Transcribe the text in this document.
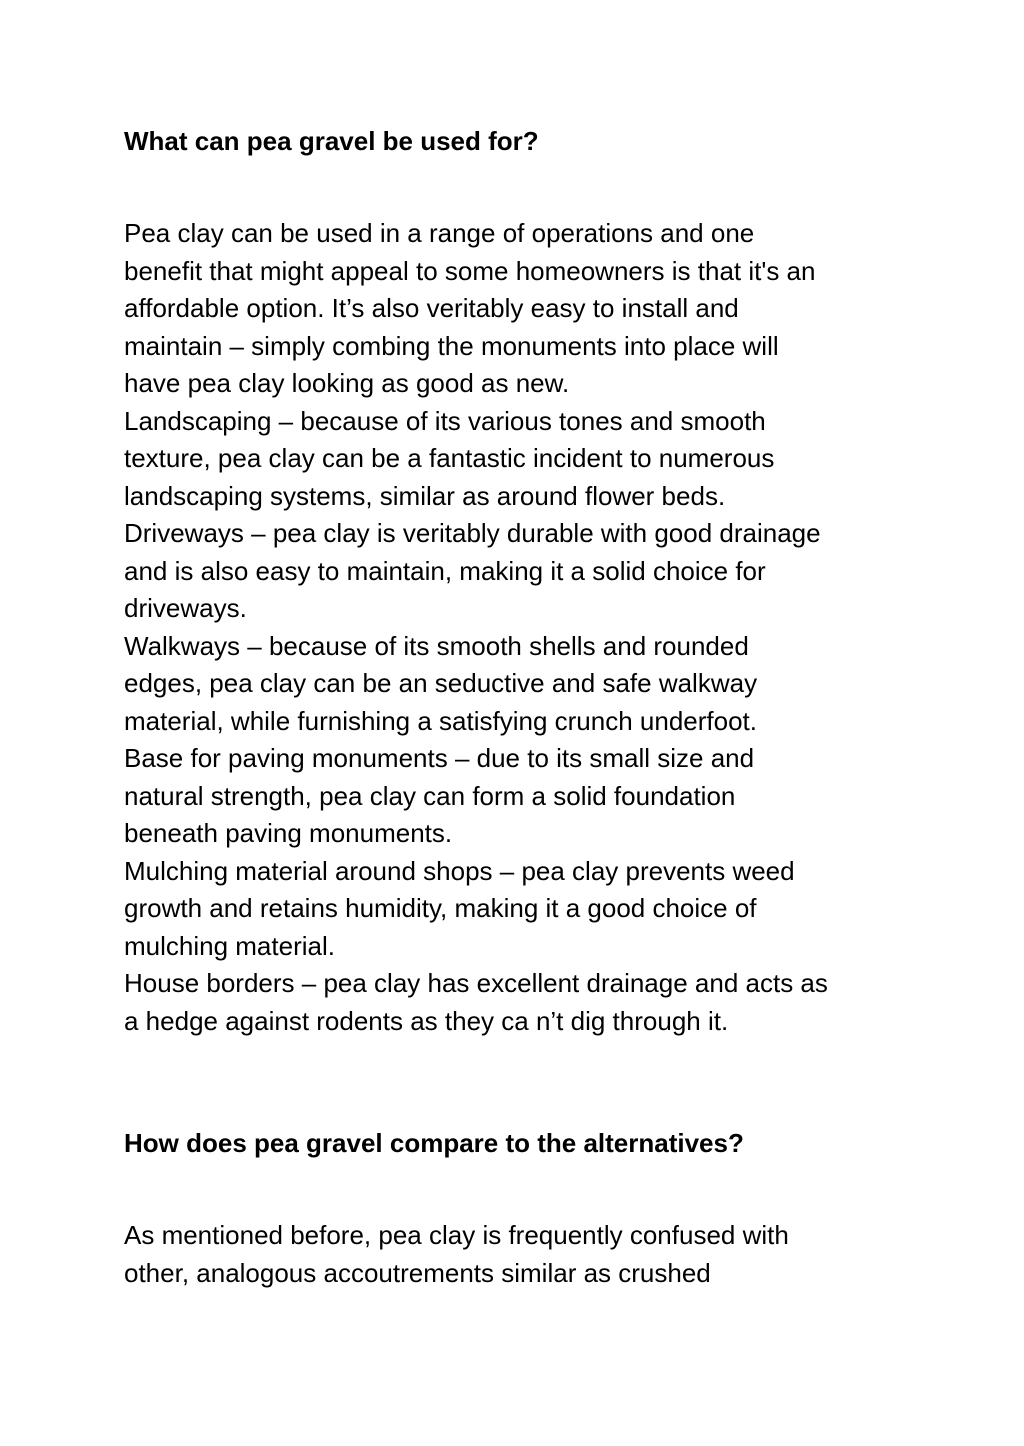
What can pea gravel be used for?
Pea clay can be used in a range of operations and one
benefit that might appeal to some homeowners is that it's an
affordable option. It’s also veritably easy to install and
maintain – simply combing the monuments into place will
have pea clay looking as good as new.
Landscaping – because of its various tones and smooth
texture, pea clay can be a fantastic incident to numerous
landscaping systems, similar as around flower beds.
Driveways – pea clay is veritably durable with good drainage
and is also easy to maintain, making it a solid choice for
driveways.
Walkways – because of its smooth shells and rounded
edges, pea clay can be an seductive and safe walkway
material, while furnishing a satisfying crunch underfoot.
Base for paving monuments – due to its small size and
natural strength, pea clay can form a solid foundation
beneath paving monuments.
Mulching material around shops – pea clay prevents weed
growth and retains humidity, making it a good choice of
mulching material.
House borders – pea clay has excellent drainage and acts as
a hedge against rodents as they ca n’t dig through it.
How does pea gravel compare to the alternatives?
As mentioned before, pea clay is frequently confused with
other, analogous accoutrements similar as crushed
